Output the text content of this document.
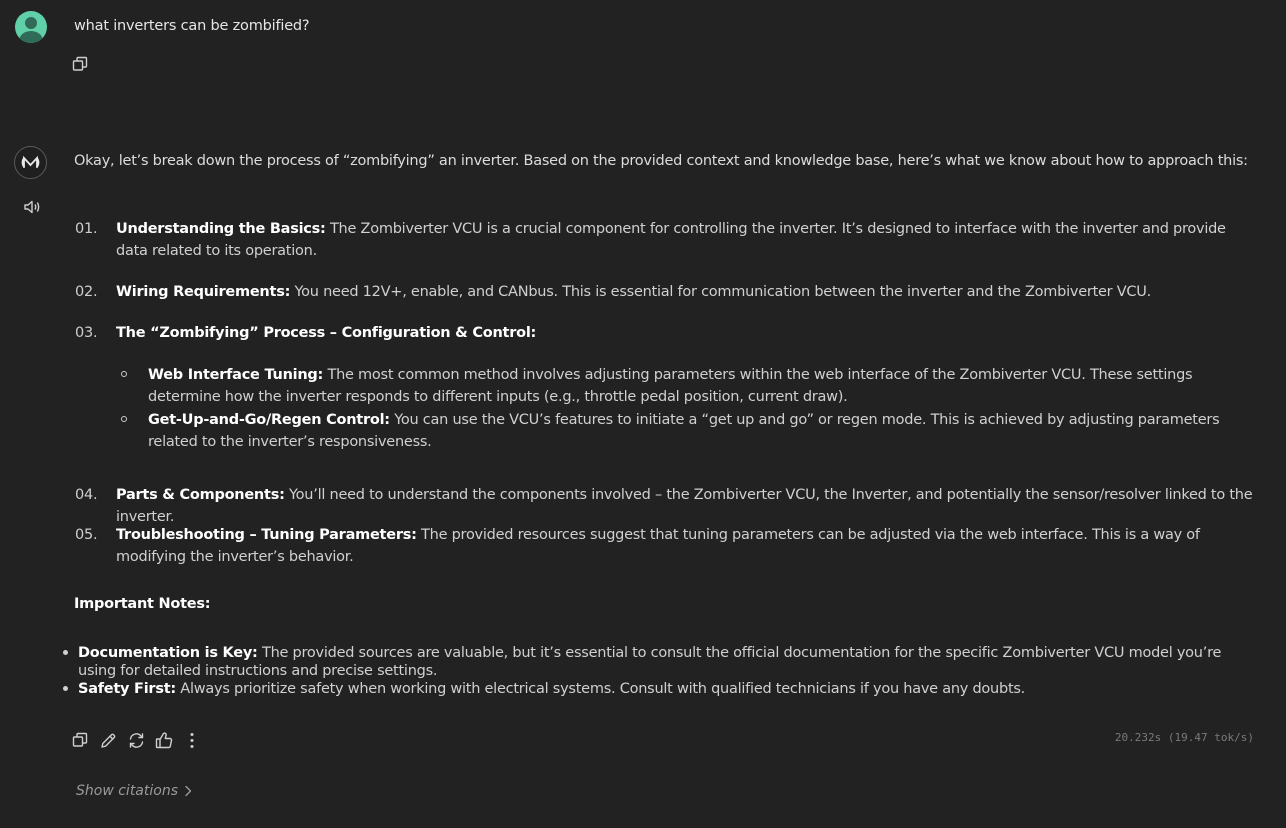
what inverters can be zombified?
Okay, let’s break down the process of “zombifying” an inverter. Based on the provided context and knowledge base, here’s what we know about how to approach this:
01. Understanding the Basics: The Zombiverter VCU is a crucial component for controlling the inverter. It’s designed to interface with the inverter and provide data related to its operation.
02. Wiring Requirements: You need 12V+, enable, and CANbus. This is essential for communication between the inverter and the Zombiverter VCU.
03. The “Zombifying” Process – Configuration & Control:
Web Interface Tuning: The most common method involves adjusting parameters within the web interface of the Zombiverter VCU. These settings determine how the inverter responds to different inputs (e.g., throttle pedal position, current draw).
Get-Up-and-Go/Regen Control: You can use the VCU’s features to initiate a “get up and go” or regen mode. This is achieved by adjusting parameters related to the inverter’s responsiveness.
04. Parts & Components: You’ll need to understand the components involved – the Zombiverter VCU, the Inverter, and potentially the sensor/resolver linked to the inverter.
05. Troubleshooting – Tuning Parameters: The provided resources suggest that tuning parameters can be adjusted via the web interface. This is a way of modifying the inverter’s behavior.
Important Notes:
Documentation is Key: The provided sources are valuable, but it’s essential to consult the official documentation for the specific Zombiverter VCU model you’re using for detailed instructions and precise settings.
Safety First: Always prioritize safety when working with electrical systems. Consult with qualified technicians if you have any doubts.
20.232s (19.47 tok/s)
Show citations
